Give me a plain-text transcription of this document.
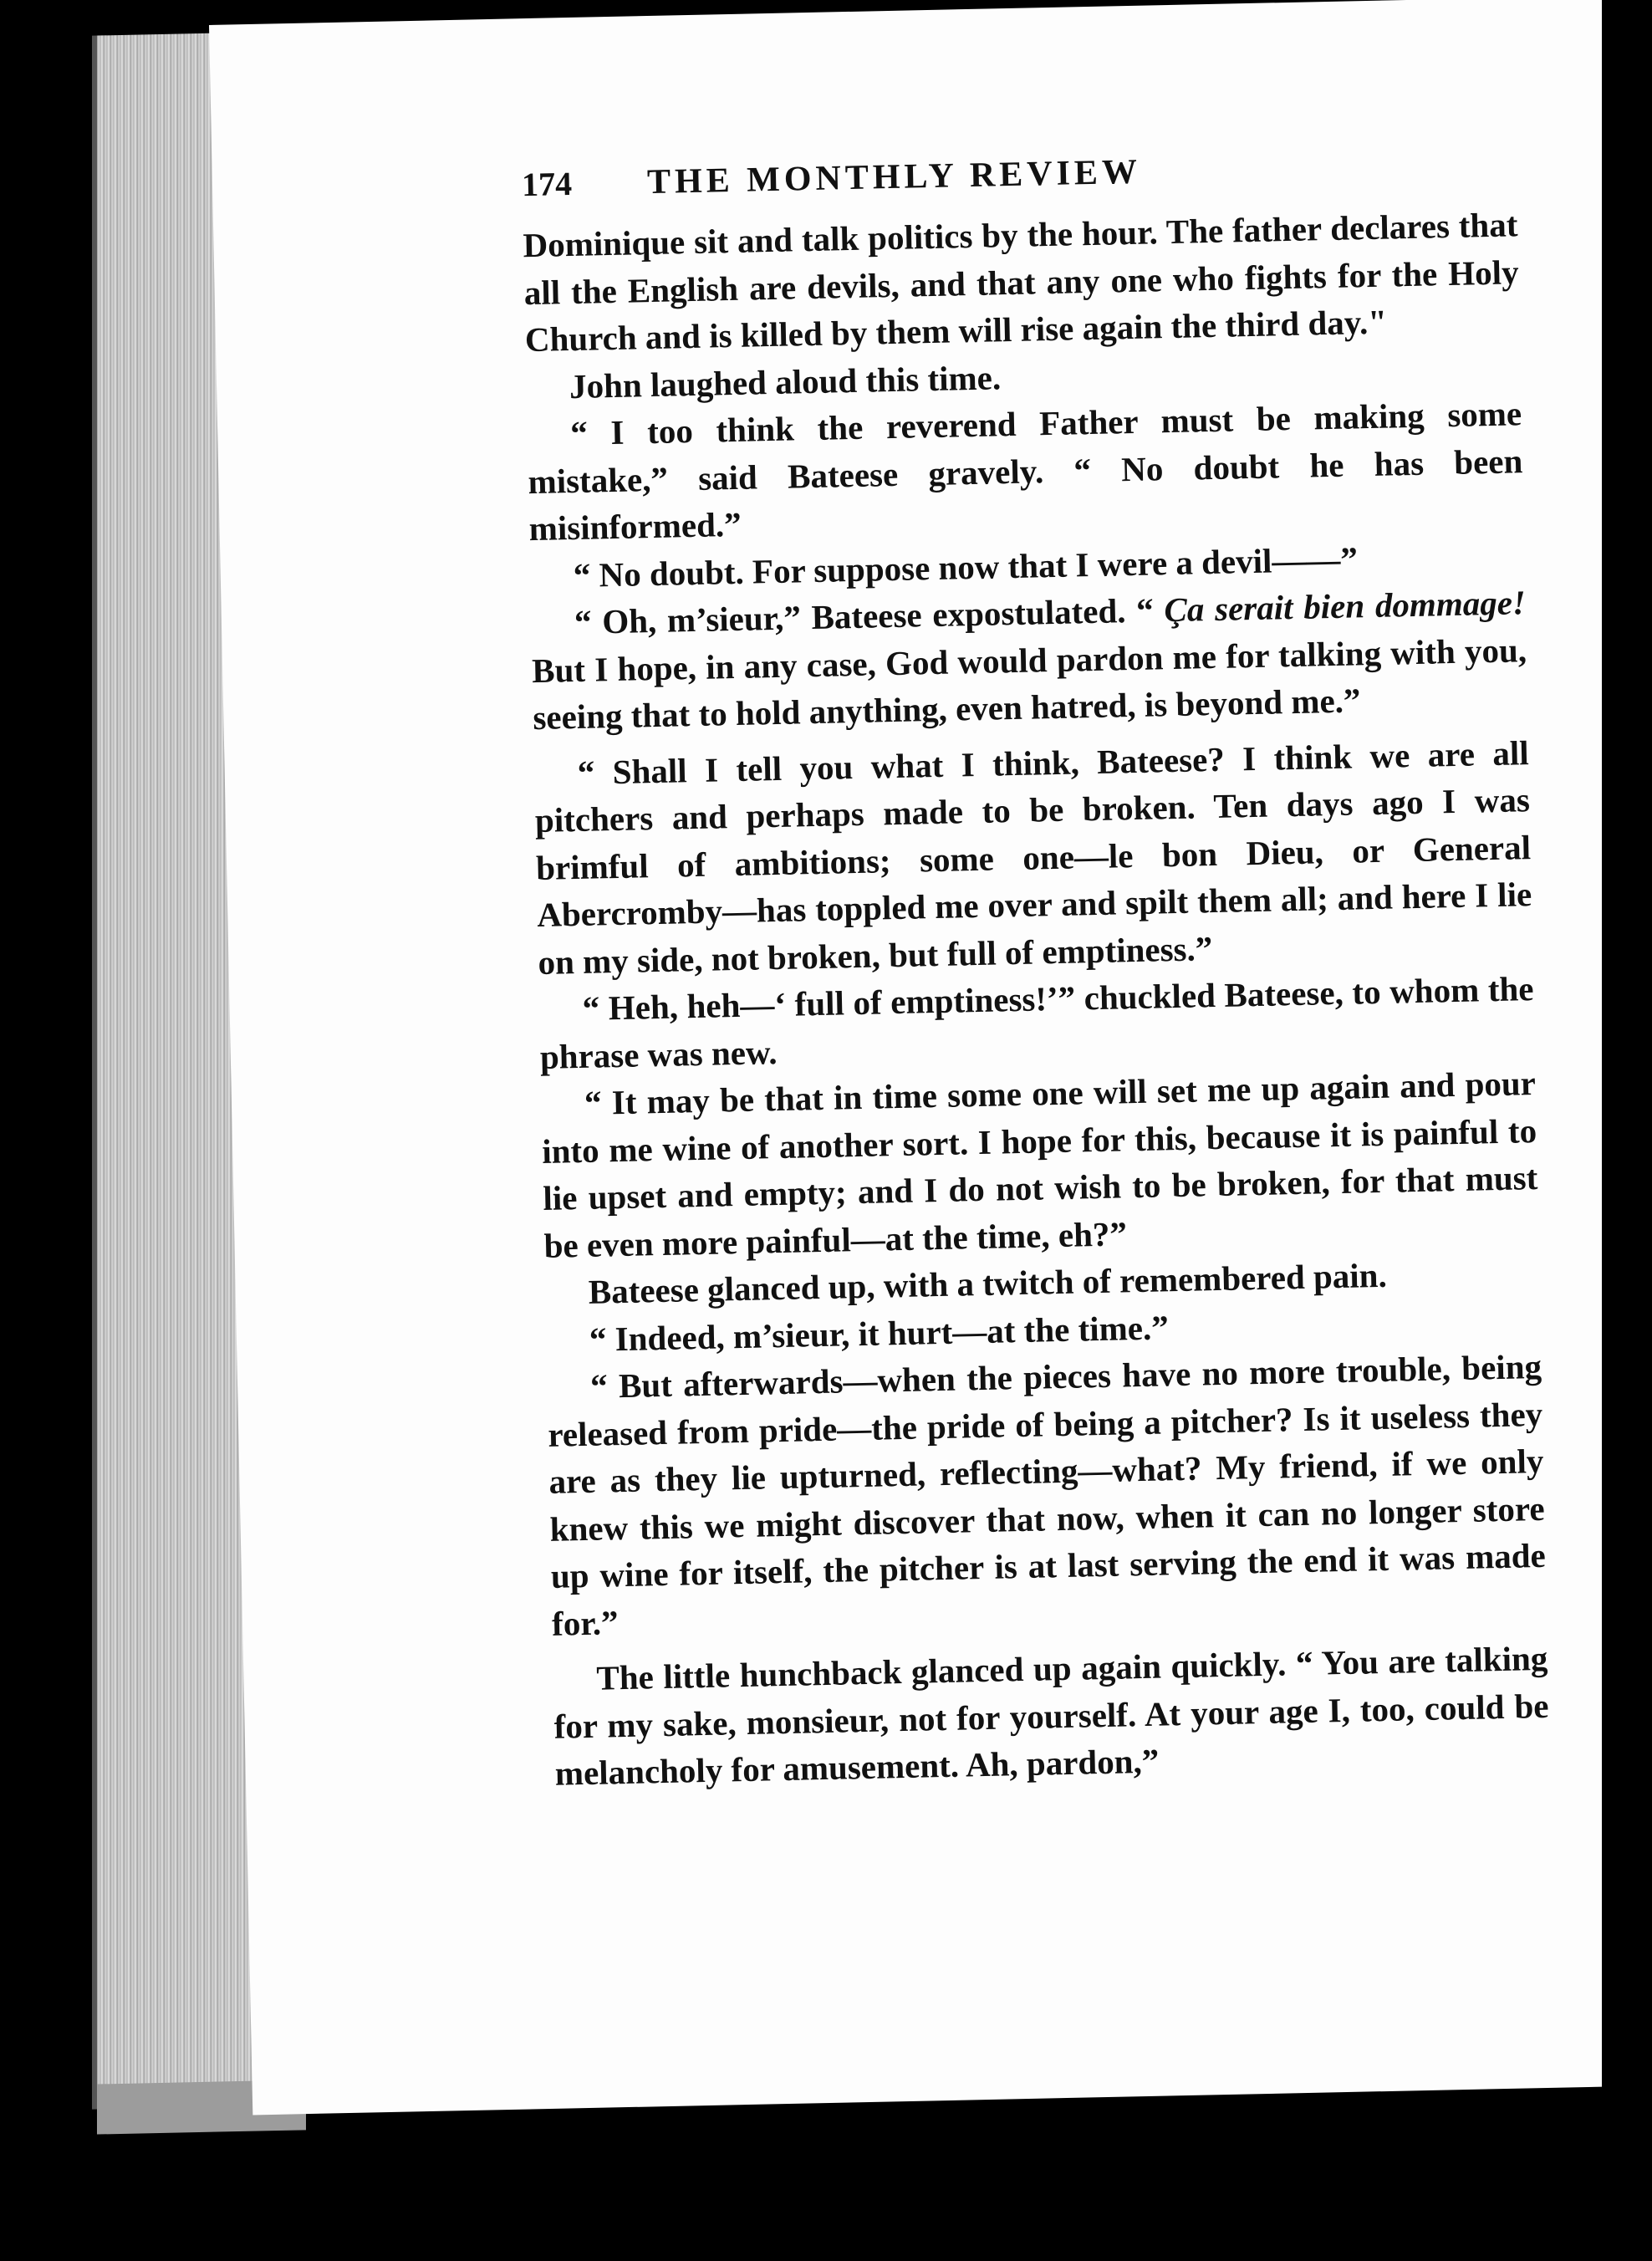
174	THE MONTHLY REVIEW

Dominique sit and talk politics by the hour. The father declares that all the English are devils, and that any one who fights for the Holy Church and is killed by them will rise again the third day."

John laughed aloud this time.

“ I too think the reverend Father must be making some mistake,” said Bateese gravely. “ No doubt he has been misinformed.”

“ No doubt. For suppose now that I were a devil——”

“ Oh, m’sieur,” Bateese expostulated. “ Ça serait bien dommage! But I hope, in any case, God would pardon me for talking with you, seeing that to hold anything, even hatred, is beyond me.”

“ Shall I tell you what I think, Bateese? I think we are all pitchers and perhaps made to be broken. Ten days ago I was brimful of ambitions; some one—le bon Dieu, or General Abercromby—has toppled me over and spilt them all; and here I lie on my side, not broken, but full of emptiness.”

“ Heh, heh—‘ full of emptiness!’” chuckled Bateese, to whom the phrase was new.

“ It may be that in time some one will set me up again and pour into me wine of another sort. I hope for this, because it is painful to lie upset and empty; and I do not wish to be broken, for that must be even more painful—at the time, eh?”

Bateese glanced up, with a twitch of remembered pain.

“ Indeed, m’sieur, it hurt—at the time.”

“ But afterwards—when the pieces have no more trouble, being released from pride—the pride of being a pitcher? Is it useless they are as they lie upturned, reflecting—what? My friend, if we only knew this we might discover that now, when it can no longer store up wine for itself, the pitcher is at last serving the end it was made for.”

The little hunchback glanced up again quickly. “ You are talking for my sake, monsieur, not for yourself. At your age I, too, could be melancholy for amusement. Ah, pardon,”
